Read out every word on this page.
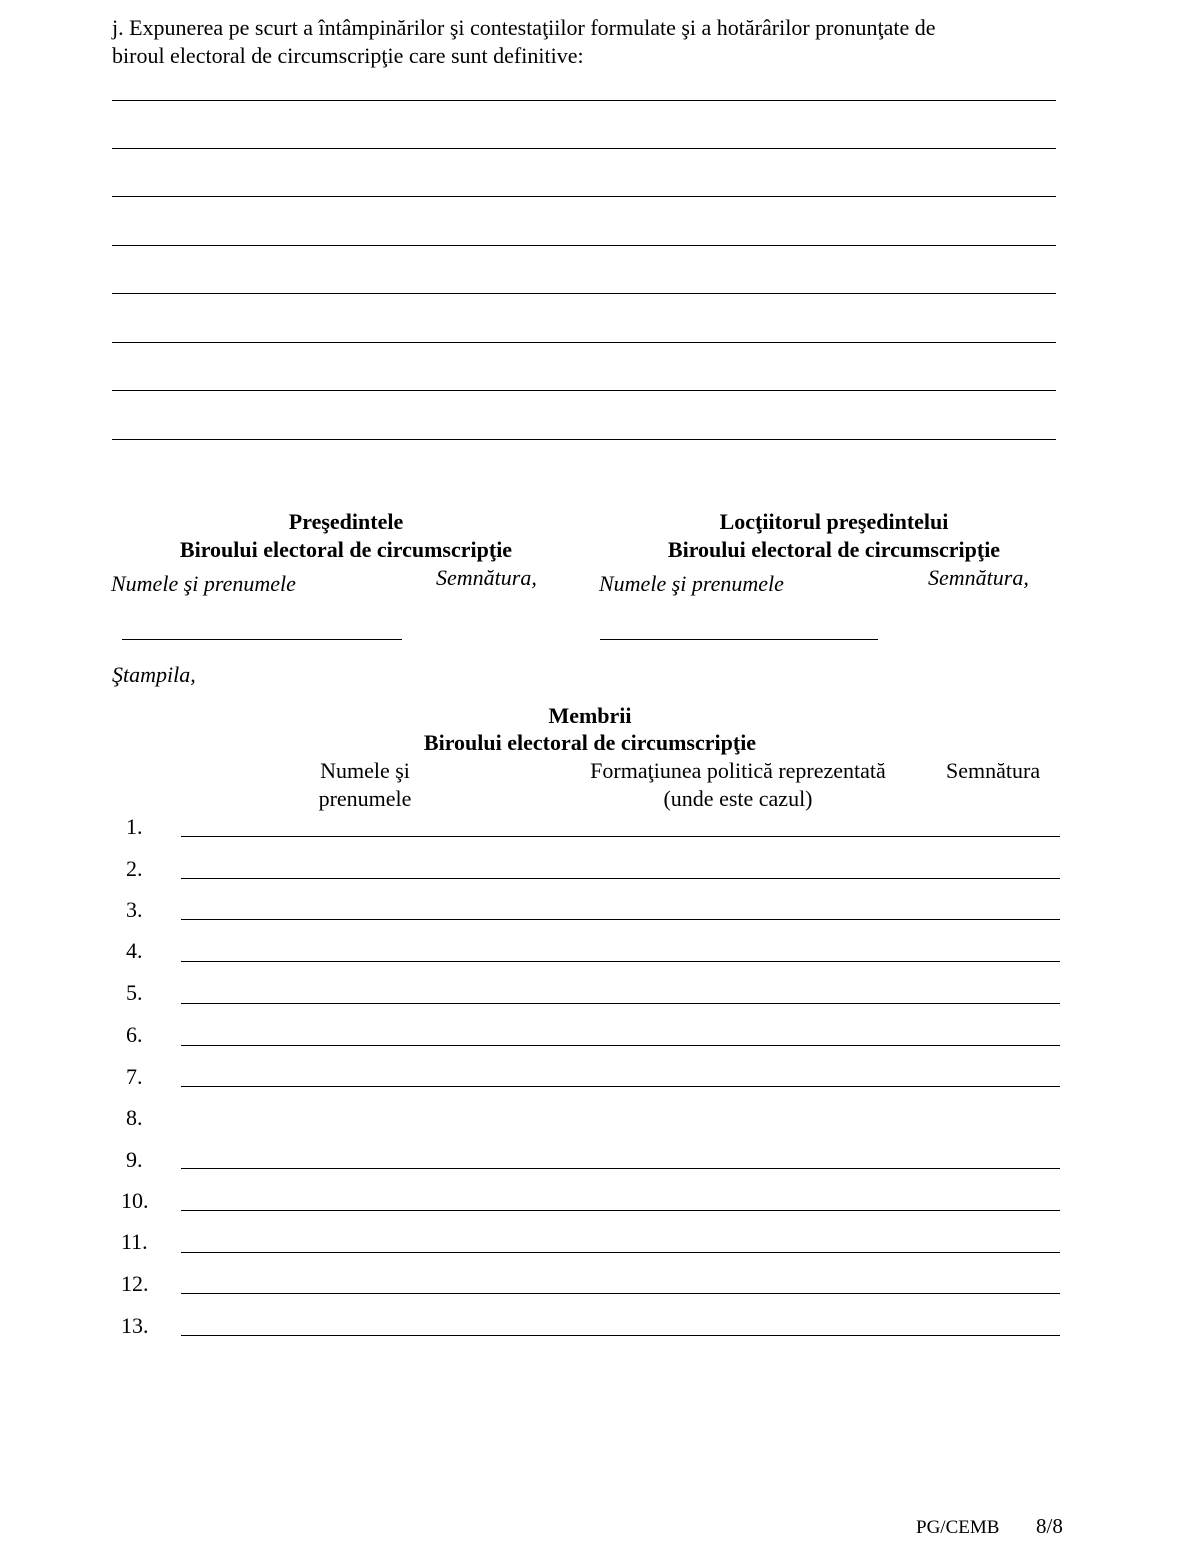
j. Expunerea pe scurt a întâmpinărilor şi contestaţiilor formulate şi a hotărârilor pronunţate de
biroul electoral de circumscripţie care sunt definitive:
Preşedintele
Biroului electoral de circumscripţie
Numele şi prenumele	Semnătura,
Locţiitorul preşedintelui
Biroului electoral de circumscripţie
Numele şi prenumele	Semnătura,
Ştampila,
Membrii
Biroului electoral de circumscripţie
Numele şi
prenumele
Formaţiunea politică reprezentată
(unde este cazul)
Semnătura
1.
2.
3.
4.
5.
6.
7.
8.
9.
10.
11.
12.
13.
PG/CEMB 8/8
